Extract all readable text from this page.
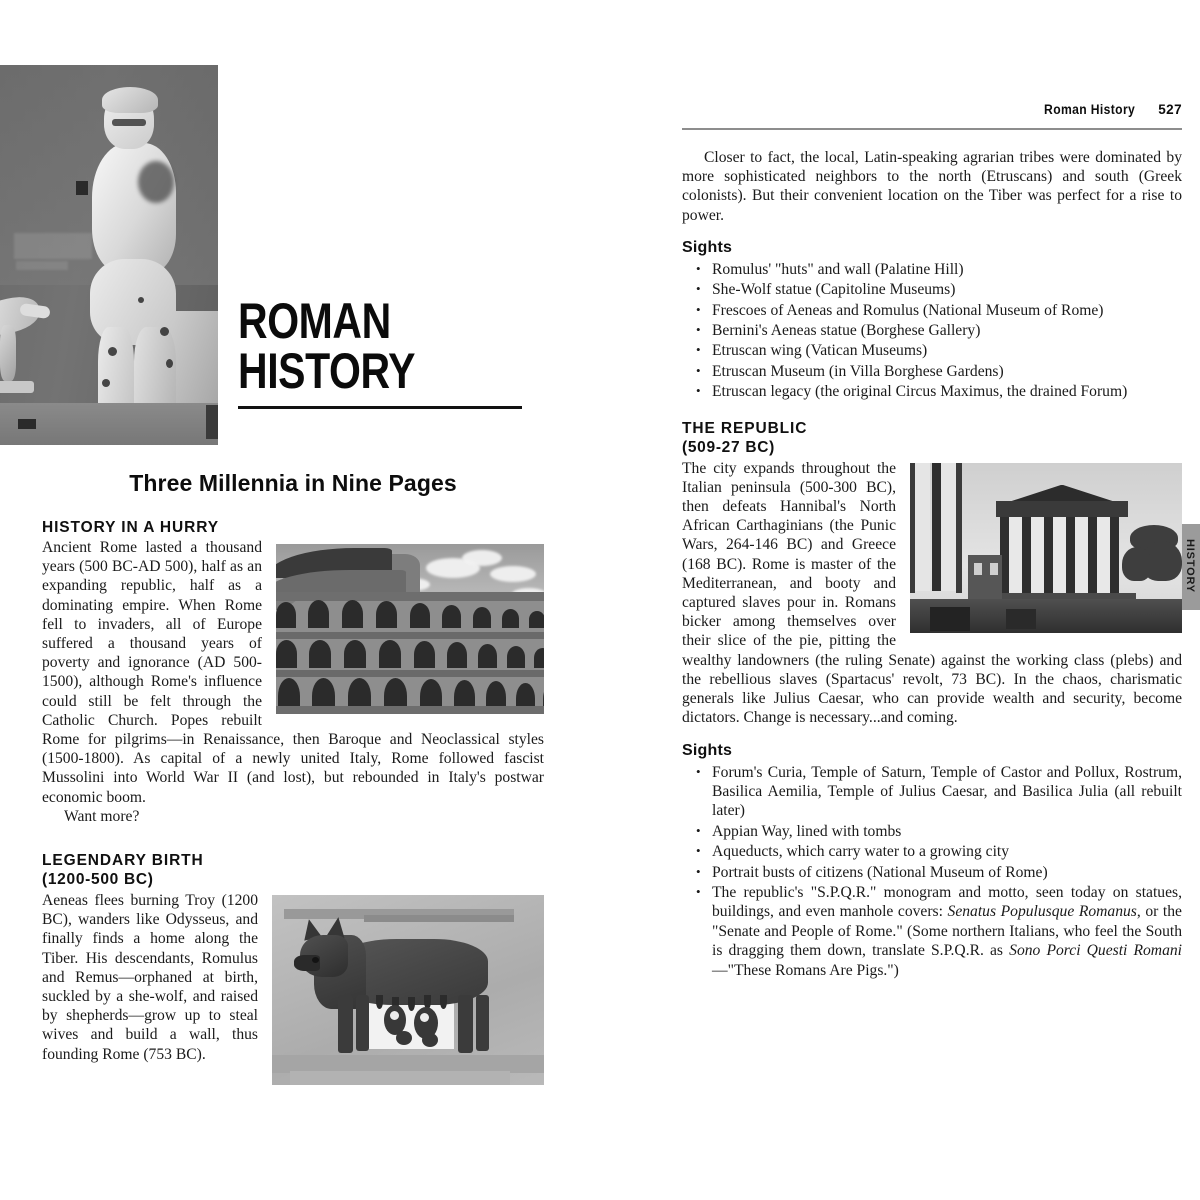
ROMAN
HISTORY
Three Millennia in Nine Pages
HISTORY IN A HURRY

Ancient Rome lasted a thousand years (500 BC-AD 500), half as an expanding republic, half as a dominating empire. When Rome fell to invaders, all of Europe suffered a thousand years of poverty and ignorance (AD 500-1500), although Rome's influence could still be felt through the Catholic Church. Popes rebuilt Rome for pilgrims—in Renaissance, then Baroque and Neoclassical styles (1500-1800). As capital of a newly united Italy, Rome followed fascist Mussolini into World War II (and lost), but rebounded in Italy's postwar economic boom.

Want more?

LEGENDARY BIRTH
(1200-500 BC)

Aeneas flees burning Troy (1200 BC), wanders like Odysseus, and finally finds a home along the Tiber. His descendants, Romulus and Remus—orphaned at birth, suckled by a she-wolf, and raised by shepherds—grow up to steal wives and build a wall, thus founding Rome (753 BC).

Roman History 527
HISTORY

Closer to fact, the local, Latin-speaking agrarian tribes were dominated by more sophisticated neighbors to the north (Etruscans) and south (Greek colonists). But their convenient location on the Tiber was perfect for a rise to power.

Sights
• Romulus' "huts" and wall (Palatine Hill)
• She-Wolf statue (Capitoline Museums)
• Frescoes of Aeneas and Romulus (National Museum of Rome)
• Bernini's Aeneas statue (Borghese Gallery)
• Etruscan wing (Vatican Museums)
• Etruscan Museum (in Villa Borghese Gardens)
• Etruscan legacy (the original Circus Maximus, the drained Forum)
THE REPUBLIC
(509-27 BC)

The city expands throughout the Italian peninsula (500-300 BC), then defeats Hannibal's North African Carthaginians (the Punic Wars, 264-146 BC) and Greece (168 BC). Rome is master of the Mediterranean, and booty and captured slaves pour in. Romans bicker among themselves over their slice of the pie, pitting the wealthy landowners (the ruling Senate) against the working class (plebs) and the rebellious slaves (Spartacus' revolt, 73 BC). In the chaos, charismatic generals like Julius Caesar, who can provide wealth and security, become dictators. Change is necessary...and coming.

Sights
• Forum's Curia, Temple of Saturn, Temple of Castor and Pollux, Rostrum, Basilica Aemilia, Temple of Julius Caesar, and Basilica Julia (all rebuilt later)
• Appian Way, lined with tombs
• Aqueducts, which carry water to a growing city
• Portrait busts of citizens (National Museum of Rome)
• The republic's "S.P.Q.R." monogram and motto, seen today on statues, buildings, and even manhole covers: Senatus Populusque Romanus, or the "Senate and People of Rome." (Some northern Italians, who feel the South is dragging them down, translate S.P.Q.R. as Sono Porci Questi Romani—"These Romans Are Pigs.")
